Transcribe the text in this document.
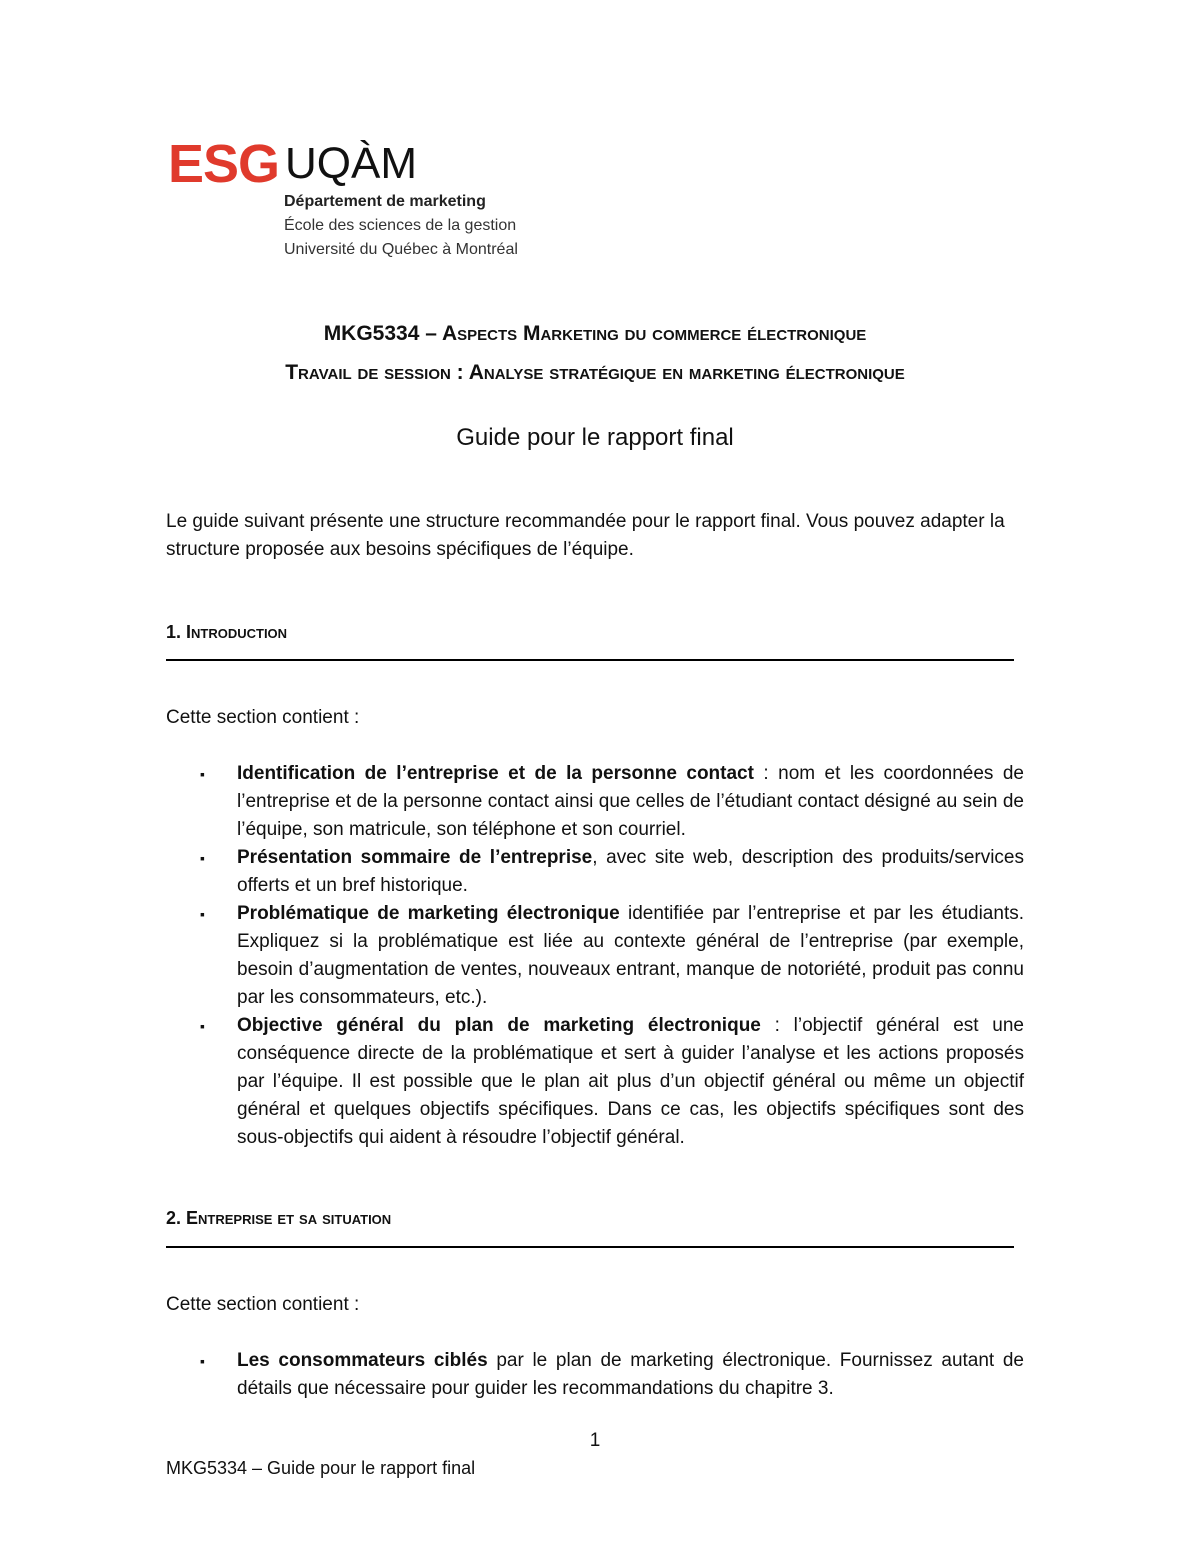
ESG UQÀM
Département de marketing
École des sciences de la gestion
Université du Québec à Montréal
MKG5334 – Aspects Marketing du commerce électronique
Travail de session : Analyse stratégique en marketing électronique
Guide pour le rapport final
Le guide suivant présente une structure recommandée pour le rapport final. Vous pouvez adapter la structure proposée aux besoins spécifiques de l’équipe.
1. Introduction
Cette section contient :
▪ Identification de l’entreprise et de la personne contact : nom et les coordonnées de l’entreprise et de la personne contact ainsi que celles de l’étudiant contact désigné au sein de l’équipe, son matricule, son téléphone et son courriel.
▪ Présentation sommaire de l’entreprise, avec site web, description des produits/services offerts et un bref historique.
▪ Problématique de marketing électronique identifiée par l’entreprise et par les étudiants. Expliquez si la problématique est liée au contexte général de l’entreprise (par exemple, besoin d’augmentation de ventes, nouveaux entrant, manque de notoriété, produit pas connu par les consommateurs, etc.).
▪ Objective général du plan de marketing électronique : l’objectif général est une conséquence directe de la problématique et sert à guider l’analyse et les actions proposés par l’équipe. Il est possible que le plan ait plus d’un objectif général ou même un objectif général et quelques objectifs spécifiques. Dans ce cas, les objectifs spécifiques sont des sous-objectifs qui aident à résoudre l’objectif général.
2. Entreprise et sa situation
Cette section contient :
▪ Les consommateurs ciblés par le plan de marketing électronique. Fournissez autant de détails que nécessaire pour guider les recommandations du chapitre 3.
1
MKG5334 – Guide pour le rapport final
